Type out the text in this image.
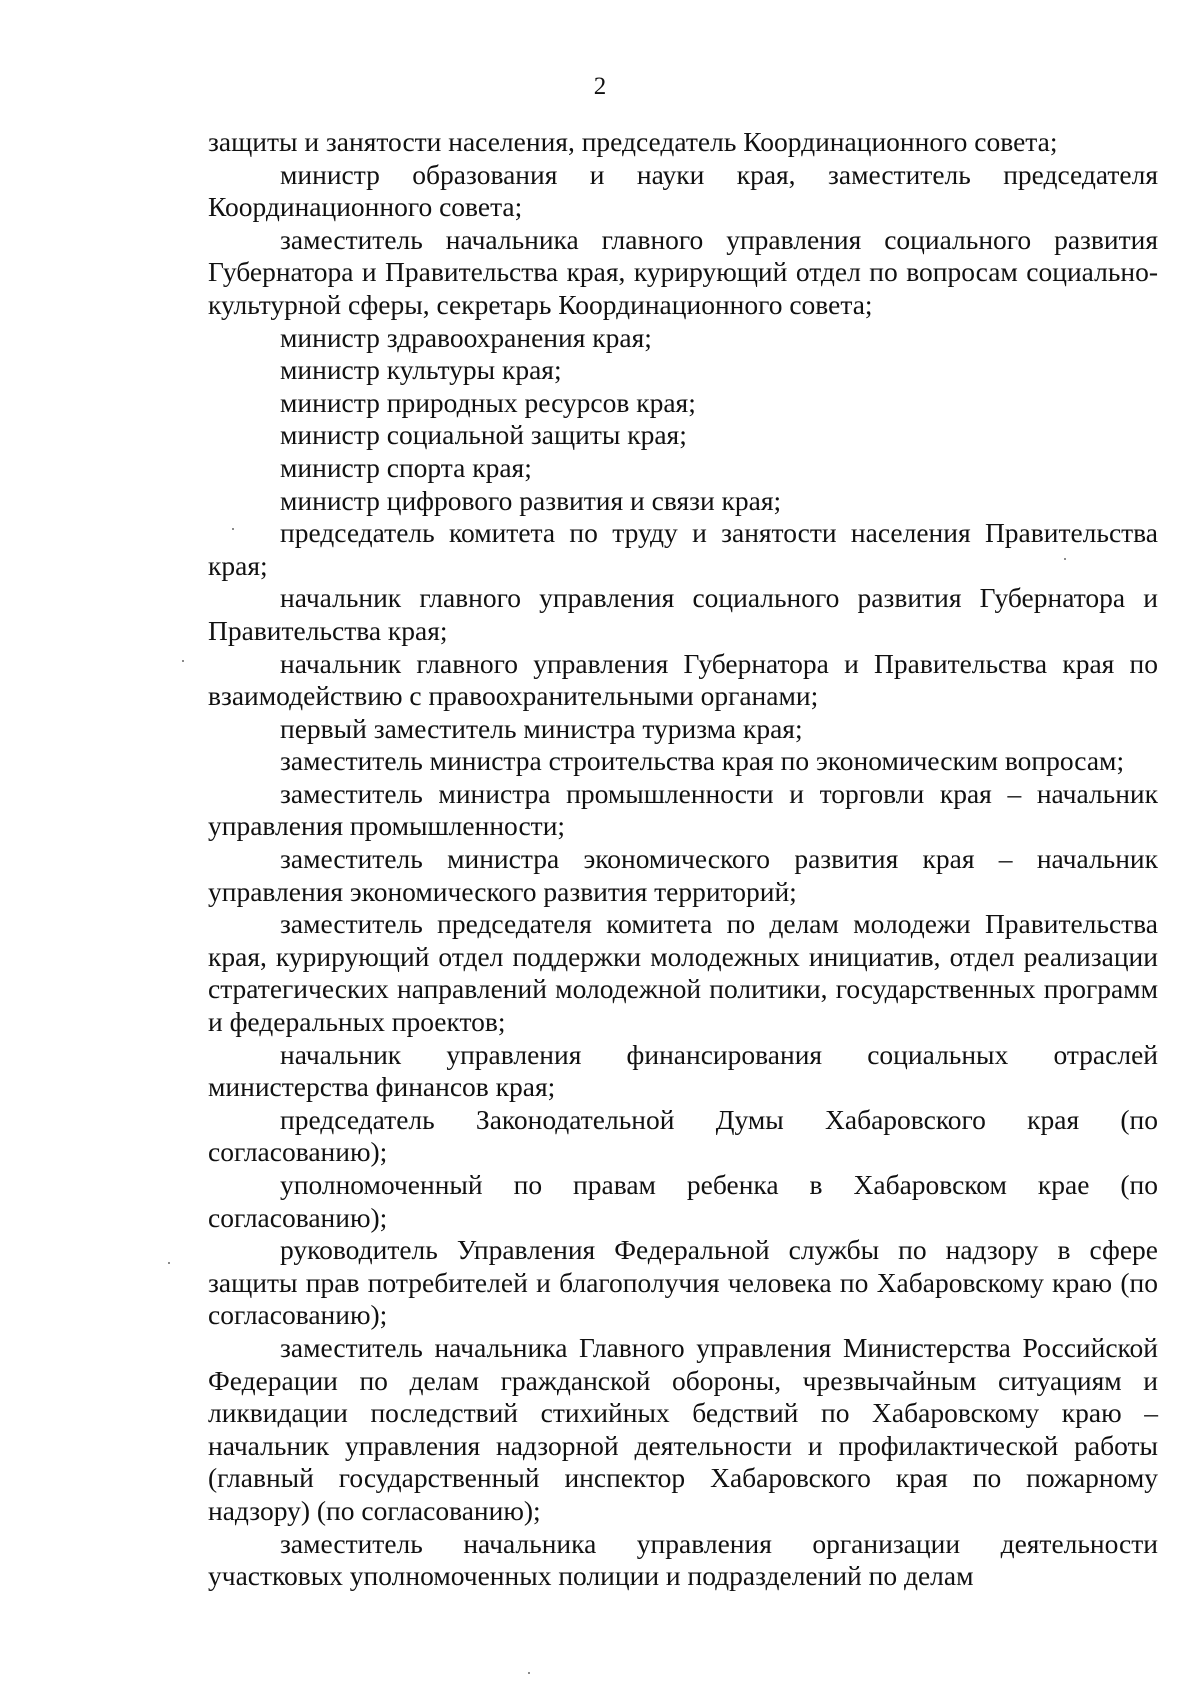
2

защиты и занятости населения, председатель Координационного совета;

министр образования и науки края, заместитель председателя Координационного совета;

заместитель начальника главного управления социального развития Губернатора и Правительства края, курирующий отдел по вопросам социально-культурной сферы, секретарь Координационного совета;

министр здравоохранения края;

министр культуры края;

министр природных ресурсов края;

министр социальной защиты края;

министр спорта края;

министр цифрового развития и связи края;

председатель комитета по труду и занятости населения Правительства края;

начальник главного управления социального развития Губернатора и Правительства края;

начальник главного управления Губернатора и Правительства края по взаимодействию с правоохранительными органами;

первый заместитель министра туризма края;

заместитель министра строительства края по экономическим вопросам;

заместитель министра промышленности и торговли края – начальник управления промышленности;

заместитель министра экономического развития края – начальник управления экономического развития территорий;

заместитель председателя комитета по делам молодежи Правительства края, курирующий отдел поддержки молодежных инициатив, отдел реализации стратегических направлений молодежной политики, государственных программ и федеральных проектов;

начальник управления финансирования социальных отраслей министерства финансов края;

председатель Законодательной Думы Хабаровского края (по согласованию);

уполномоченный по правам ребенка в Хабаровском крае (по согласованию);

руководитель Управления Федеральной службы по надзору в сфере защиты прав потребителей и благополучия человека по Хабаровскому краю (по согласованию);

заместитель начальника Главного управления Министерства Российской Федерации по делам гражданской обороны, чрезвычайным ситуациям и ликвидации последствий стихийных бедствий по Хабаровскому краю – начальник управления надзорной деятельности и профилактической работы (главный государственный инспектор Хабаровского края по пожарному надзору) (по согласованию);

заместитель начальника управления организации деятельности участковых уполномоченных полиции и подразделений по делам
